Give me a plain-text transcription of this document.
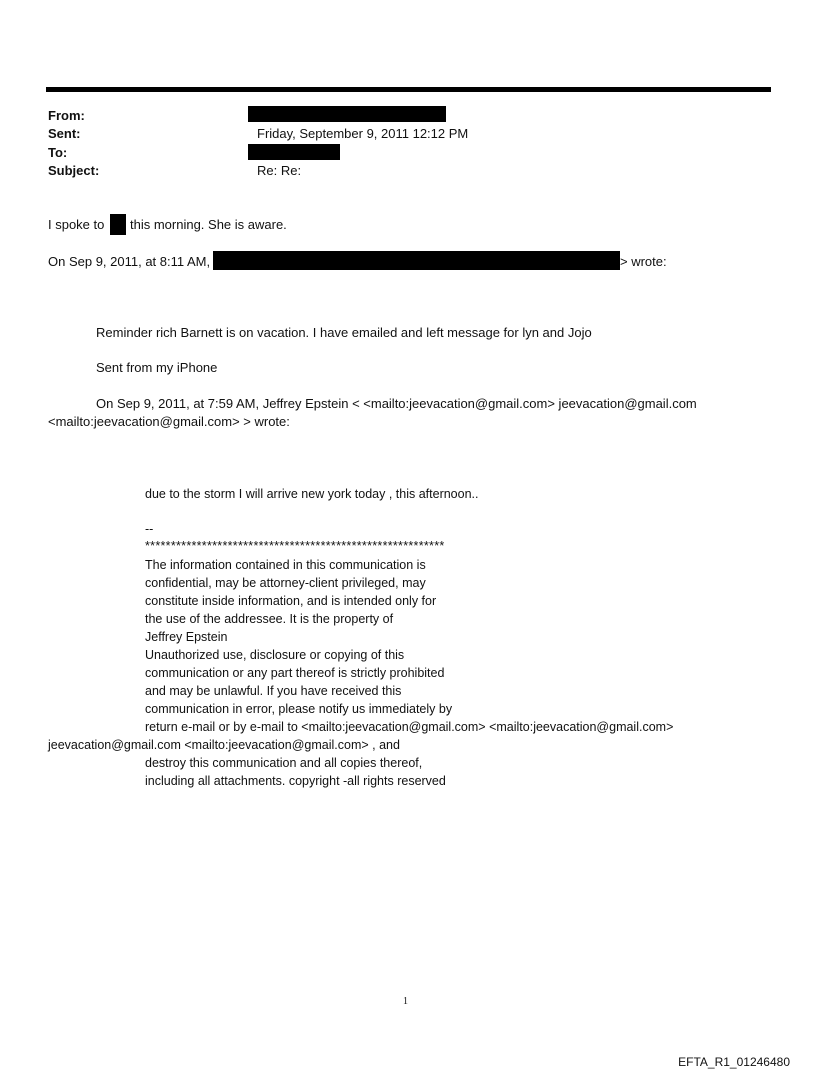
From:
Sent:	Friday, September 9, 2011 12:12 PM
To:
Subject:	Re: Re:
I spoke to this morning. She is aware.
On Sep 9, 2011, at 8:11 AM,	> wrote:
Reminder rich Barnett is on vacation. I have emailed and left message for lyn and Jojo
Sent from my iPhone
On Sep 9, 2011, at 7:59 AM, Jeffrey Epstein < <mailto:jeevacation@gmail.com> jeevacation@gmail.com
<mailto:jeevacation@gmail.com> > wrote:
due to the storm I will arrive new york today , this afternoon..
--
**********************************************************
The information contained in this communication is
confidential, may be attorney-client privileged, may
constitute inside information, and is intended only for
the use of the addressee. It is the property of
Jeffrey Epstein
Unauthorized use, disclosure or copying of this
communication or any part thereof is strictly prohibited
and may be unlawful. If you have received this
communication in error, please notify us immediately by
return e-mail or by e-mail to <mailto:jeevacation@gmail.com> <mailto:jeevacation@gmail.com>
jeevacation@gmail.com <mailto:jeevacation@gmail.com> , and
destroy this communication and all copies thereof,
including all attachments. copyright -all rights reserved
1
EFTA_R1_01246480
